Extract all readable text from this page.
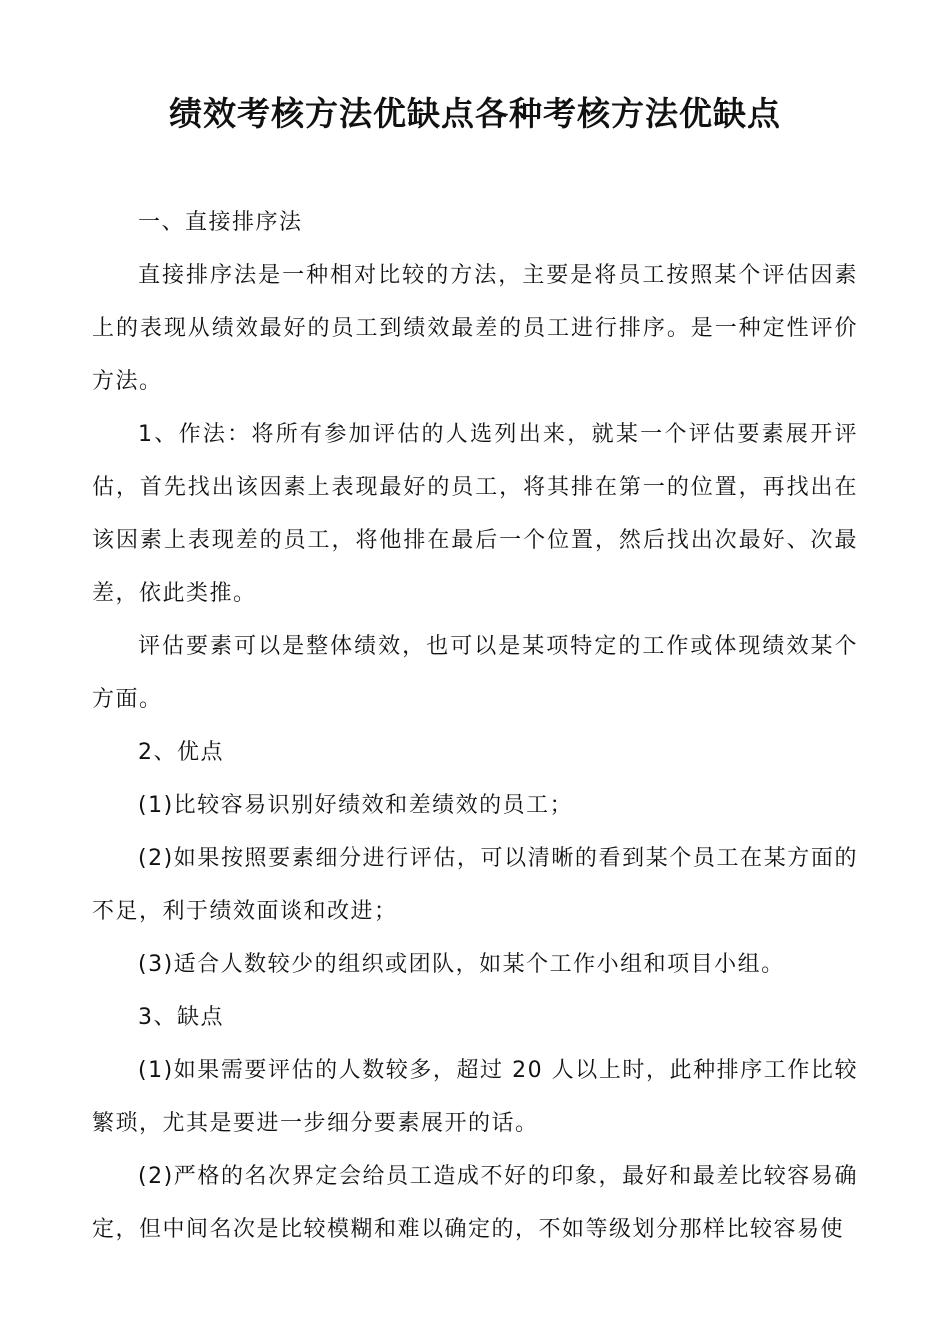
绩效考核方法优缺点各种考核方法优缺点

一、直接排序法

直接排序法是一种相对比较的方法，主要是将员工按照某个评估因素上的表现从绩效最好的员工到绩效最差的员工进行排序。是一种定性评价方法。

1、作法：将所有参加评估的人选列出来，就某一个评估要素展开评估，首先找出该因素上表现最好的员工，将其排在第一的位置，再找出在该因素上表现差的员工，将他排在最后一个位置，然后找出次最好、次最差，依此类推。

评估要素可以是整体绩效，也可以是某项特定的工作或体现绩效某个方面。

2、优点

(1)比较容易识别好绩效和差绩效的员工；

(2)如果按照要素细分进行评估，可以清晰的看到某个员工在某方面的不足，利于绩效面谈和改进；

(3)适合人数较少的组织或团队，如某个工作小组和项目小组。

3、缺点

(1)如果需要评估的人数较多，超过 20 人以上时，此种排序工作比较繁琐，尤其是要进一步细分要素展开的话。

(2)严格的名次界定会给员工造成不好的印象，最好和最差比较容易确定，但中间名次是比较模糊和难以确定的，不如等级划分那样比较容易使
